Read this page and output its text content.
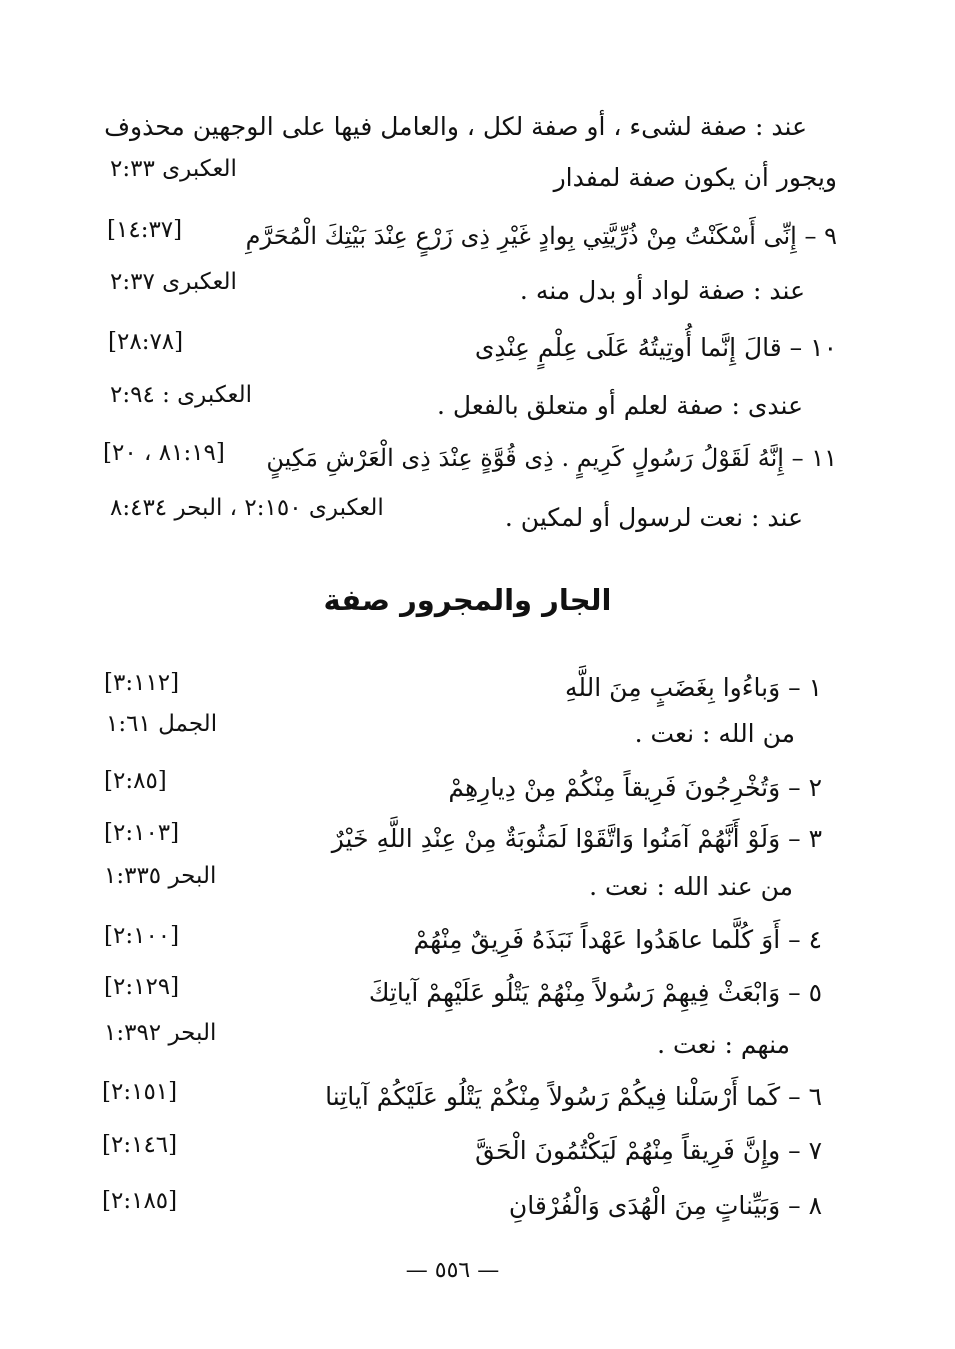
عند : صفة لشىء ، أو صفة لكل ، والعامل فيها على الوجهين محذوف
ويجور أن يكون صفة لمفدار
العكبرى ٢:٣٣
٩ – إِنِّى أَسْكَنْتُ مِنْ ذُرِّيَّتِي بِوادٍ غَيْرِ ذِى زَرْعٍ عِنْدَ بَيْتِكَ الْمُحَرَّمِ
[١٤:٣٧]
عند : صفة لواد أو بدل منه .
العكبرى ٢:٣٧
١٠ – قالَ إِنَّما أُوتِيتُهُ عَلَى عِلْمٍ عِنْدِى
[٢٨:٧٨]
عندى : صفة لعلم أو متعلق بالفعل .
العكبرى : ٢:٩٤
١١ – إِنَّهُ لَقَوْلُ رَسُولٍ كَرِيمٍ . ذِى قُوَّةٍ عِنْدَ ذِى الْعَرْشِ مَكِينٍ
[٨١:١٩ ، ٢٠]
عند : نعت لرسول أو لمكين .
العكبرى ٢:١٥٠ ، البحر ٨:٤٣٤
الجار والمجرور صفة
١ – وَباءُوا بِغَضَبٍ مِنَ اللَّهِ
[٣:١١٢]
من الله : نعت .
الجمل ١:٦١
٢ – وَتُخْرِجُونَ فَرِيقاً مِنْكُمْ مِنْ دِيارِهِمْ
[٢:٨٥]
٣ – وَلَوْ أَنَّهُمْ آمَنُوا وَاتَّقَوْا لَمَثُوبَةٌ مِنْ عِنْدِ اللَّهِ خَيْرٌ
[٢:١٠٣]
من عند الله : نعت .
البحر ١:٣٣٥
٤ – أَوَ كُلَّما عاهَدُوا عَهْداً نَبَذَهُ فَرِيقٌ مِنْهُمْ
[٢:١٠٠]
٥ – وَابْعَثْ فِيهِمْ رَسُولاً مِنْهُمْ يَتْلُو عَلَيْهِمْ آياتِكَ
[٢:١٢٩]
منهم : نعت .
البحر ١:٣٩٢
٦ – كَما أَرْسَلْنا فِيكُمْ رَسُولاً مِنْكُمْ يَتْلُو عَلَيْكُمْ آياتِنا
[٢:١٥١]
٧ – وإِنَّ فَرِيقاً مِنْهُمْ لَيَكْتُمُونَ الْحَقَّ
[٢:١٤٦]
٨ – وَبَيِّناتٍ مِنَ الْهُدَى وَالْفُرْقانِ
[٢:١٨٥]
— ٥٥٦ —
